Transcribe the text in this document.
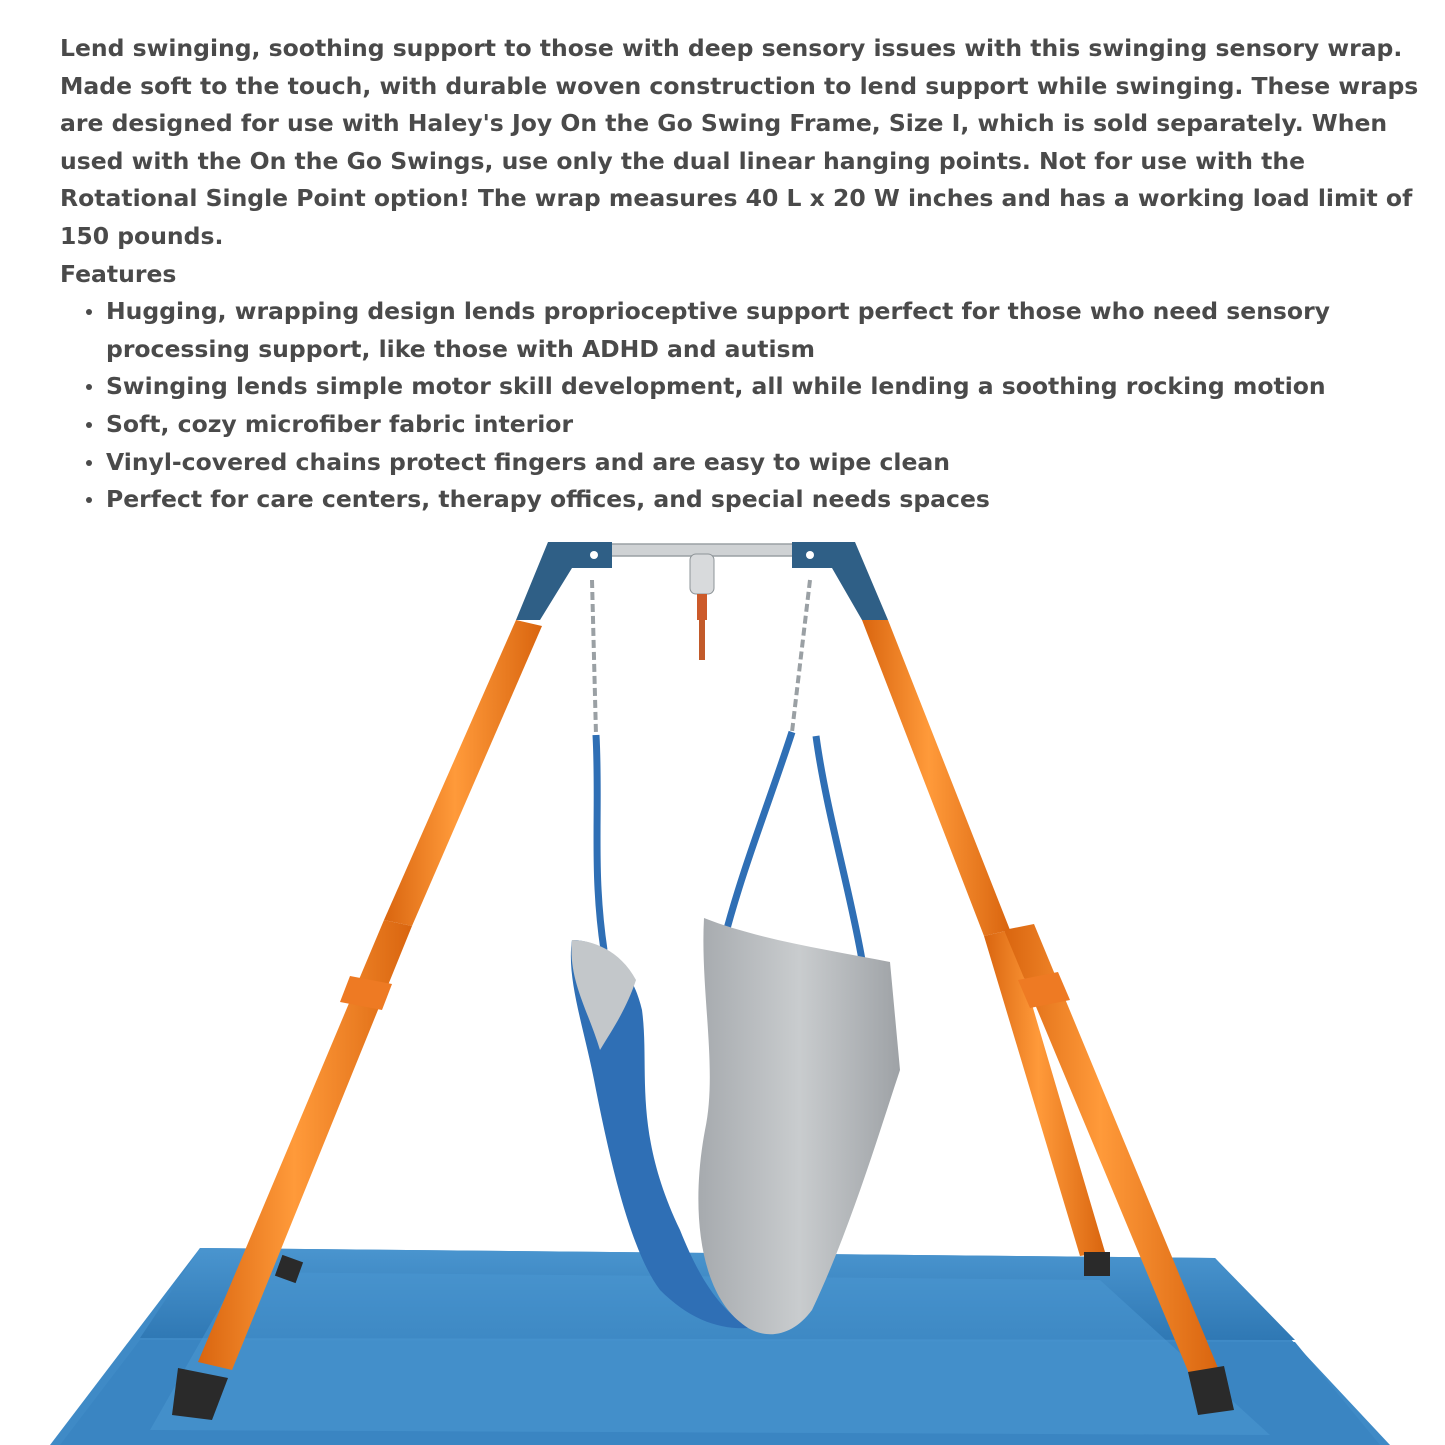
Lend swinging, soothing support to those with deep sensory issues with this swinging sensory wrap. Made soft to the touch, with durable woven construction to lend support while swinging. These wraps are designed for use with Haley's Joy On the Go Swing Frame, Size I, which is sold separately. When used with the On the Go Swings, use only the dual linear hanging points. Not for use with the Rotational Single Point option! The wrap measures 40 L x 20 W inches and has a working load limit of 150 pounds.

Features

Hugging, wrapping design lends proprioceptive support perfect for those who need sensory processing support, like those with ADHD and autism
Swinging lends simple motor skill development, all while lending a soothing rocking motion
Soft, cozy microfiber fabric interior
Vinyl-covered chains protect fingers and are easy to wipe clean
Perfect for care centers, therapy offices, and special needs spaces
